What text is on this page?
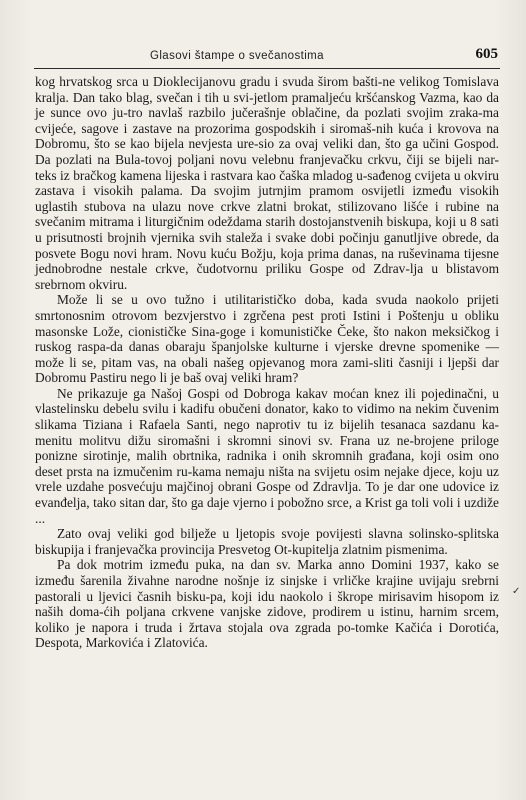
Glasovi štampe o svečanostima	605

kog hrvatskog srca u Dioklecijanovu gradu i svuda širom bašti-ne velikog Tomislava kralja. Dan tako blag, svečan i tih u svi-jetlom pramaljeću kršćanskog Vazma, kao da je sunce ovo ju-tro navlaš razbilo jučerašnje oblačine, da pozlati svojim zraka-ma cvijeće, sagove i zastave na prozorima gospodskih i siromaš-nih kuća i krovova na Dobromu, što se kao bijela nevjesta ure-sio za ovaj veliki dan, što ga učini Gospod. Da pozlati na Bula-tovoj poljani novu velebnu franjevačku crkvu, čiji se bijeli nar-teks iz bračkog kamena lijeska i rastvara kao čaška mladog u-sađenog cvijeta u okviru zastava i visokih palama. Da svojim jutrnjim pramom osvijetli između visokih uglastih stubova na ulazu nove crkve zlatni brokat, stilizovano lišće i rubine na svečanim mitrama i liturgičnim odeždama starih dostojanstvenih biskupa, koji u 8 sati u prisutnosti brojnih vjernika svih staleža i svake dobi počinju ganutljive obrede, da posvete Bogu novi hram. Novu kuću Božju, koja prima danas, na ruševinama tijesne jednobrodne nestale crkve, čudotvornu priliku Gospe od Zdrav-lja u blistavom srebrnom okviru.

Može li se u ovo tužno i utilitarističko doba, kada svuda naokolo prijeti smrtonosnim otrovom bezvjerstvo i zgrčena pest proti Istini i Poštenju u obliku masonske Lože, cionističke Sina-goge i komunističke Čeke, što nakon meksičkog i ruskog raspa-da danas obaraju španjolske kulturne i vjerske drevne spomenike — može li se, pitam vas, na obali našeg opjevanog mora zami-sliti časniji i ljepši dar Dobromu Pastiru nego li je baš ovaj veliki hram?

Ne prikazuje ga Našoj Gospi od Dobroga kakav moćan knez ili pojedinačni, u vlastelinsku debelu svilu i kadifu obučeni donator, kako to vidimo na nekim čuvenim slikama Tiziana i Rafaela Santi, nego naprotiv tu iz bijelih tesanaca sazdanu ka-menitu molitvu dižu siromašni i skromni sinovi sv. Frana uz ne-brojene priloge ponizne sirotinje, malih obrtnika, radnika i onih skromnih građana, koji osim ono deset prsta na izmučenim ru-kama nemaju ništa na svijetu osim nejake djece, koju uz vrele uzdahe posvećuju majčinoj obrani Gospe od Zdravlja. To je dar one udovice iz evanđelja, tako sitan dar, što ga daje vjerno i pobožno srce, a Krist ga toli voli i uzdiže ...

Zato ovaj veliki god bilježe u ljetopis svoje povijesti slavna solinsko-splitska biskupija i franjevačka provincija Presvetog Ot-kupitelja zlatnim pismenima.

Pa dok motrim između puka, na dan sv. Marka anno Domini 1937, kako se između šarenila živahne narodne nošnje iz sinjske i vrličke krajine uvijaju srebrni pastorali u ljevici časnih bisku-pa, koji idu naokolo i škrope mirisavim hisopom iz naših doma-ćih poljana crkvene vanjske zidove, prodirem u istinu, harnim srcem, koliko je napora i truda i žrtava stojala ova zgrada po-tomke Kačića i Dorotića, Despota, Markovića i Zlatovića.

✓
